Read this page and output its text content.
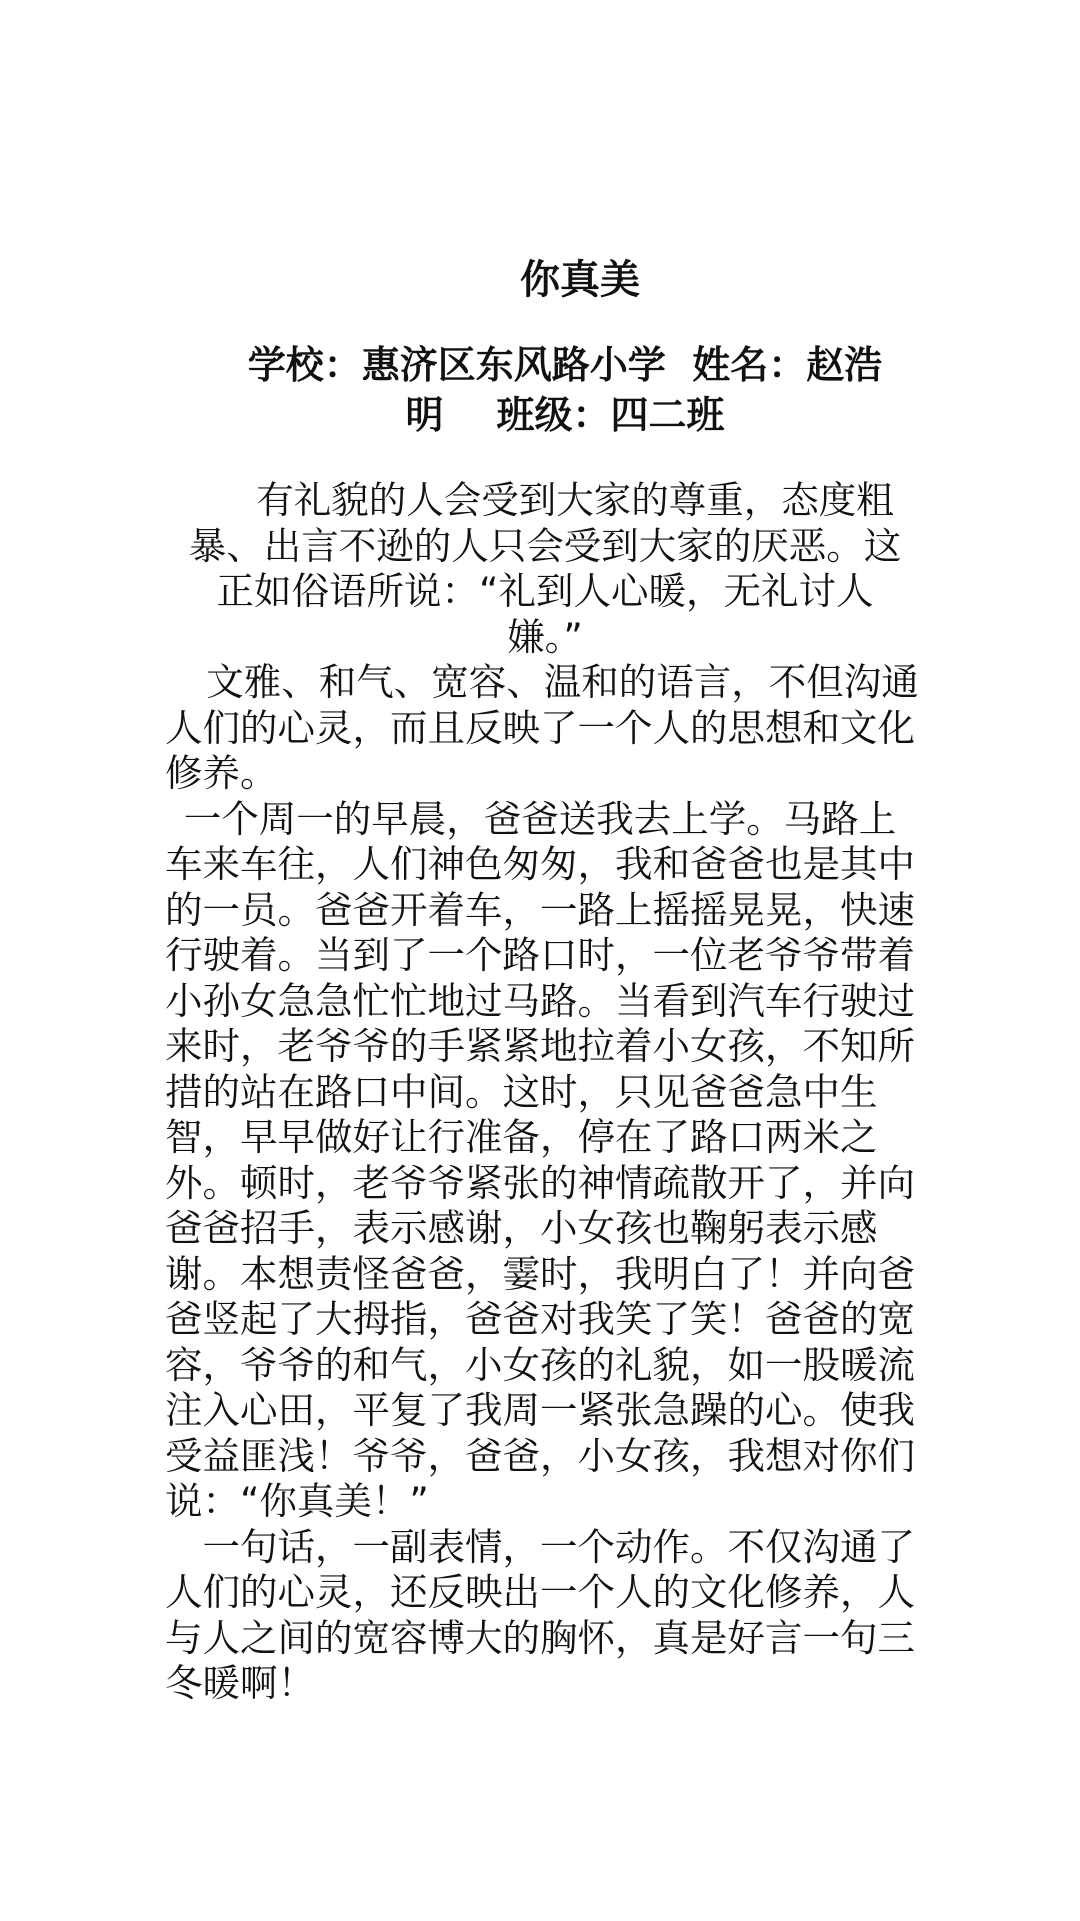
你真美
学校：惠济区东风路小学  姓名：赵浩
明    班级：四二班

有礼貌的人会受到大家的尊重，态度粗
暴、出言不逊的人只会受到大家的厌恶。这
正如俗语所说：“礼到人心暖，无礼讨人
嫌。”

文雅、和气、宽容、温和的语言，不但沟通人们的心灵，而且反映了一个人的思想和文化修养。

一个周一的早晨，爸爸送我去上学。马路上车来车往，人们神色匆匆，我和爸爸也是其中的一员。爸爸开着车，一路上摇摇晃晃，快速行驶着。当到了一个路口时，一位老爷爷带着小孙女急急忙忙地过马路。当看到汽车行驶过来时，老爷爷的手紧紧地拉着小女孩，不知所措的站在路口中间。这时，只见爸爸急中生智，早早做好让行准备，停在了路口两米之外。顿时，老爷爷紧张的神情疏散开了，并向爸爸招手，表示感谢，小女孩也鞠躬表示感谢。本想责怪爸爸，霎时，我明白了！并向爸爸竖起了大拇指，爸爸对我笑了笑！爸爸的宽容，爷爷的和气，小女孩的礼貌，如一股暖流注入心田，平复了我周一紧张急躁的心。使我受益匪浅！爷爷，爸爸，小女孩，我想对你们说：“你真美！”

一句话，一副表情，一个动作。不仅沟通了人们的心灵，还反映出一个人的文化修养，人与人之间的宽容博大的胸怀，真是好言一句三冬暖啊！
